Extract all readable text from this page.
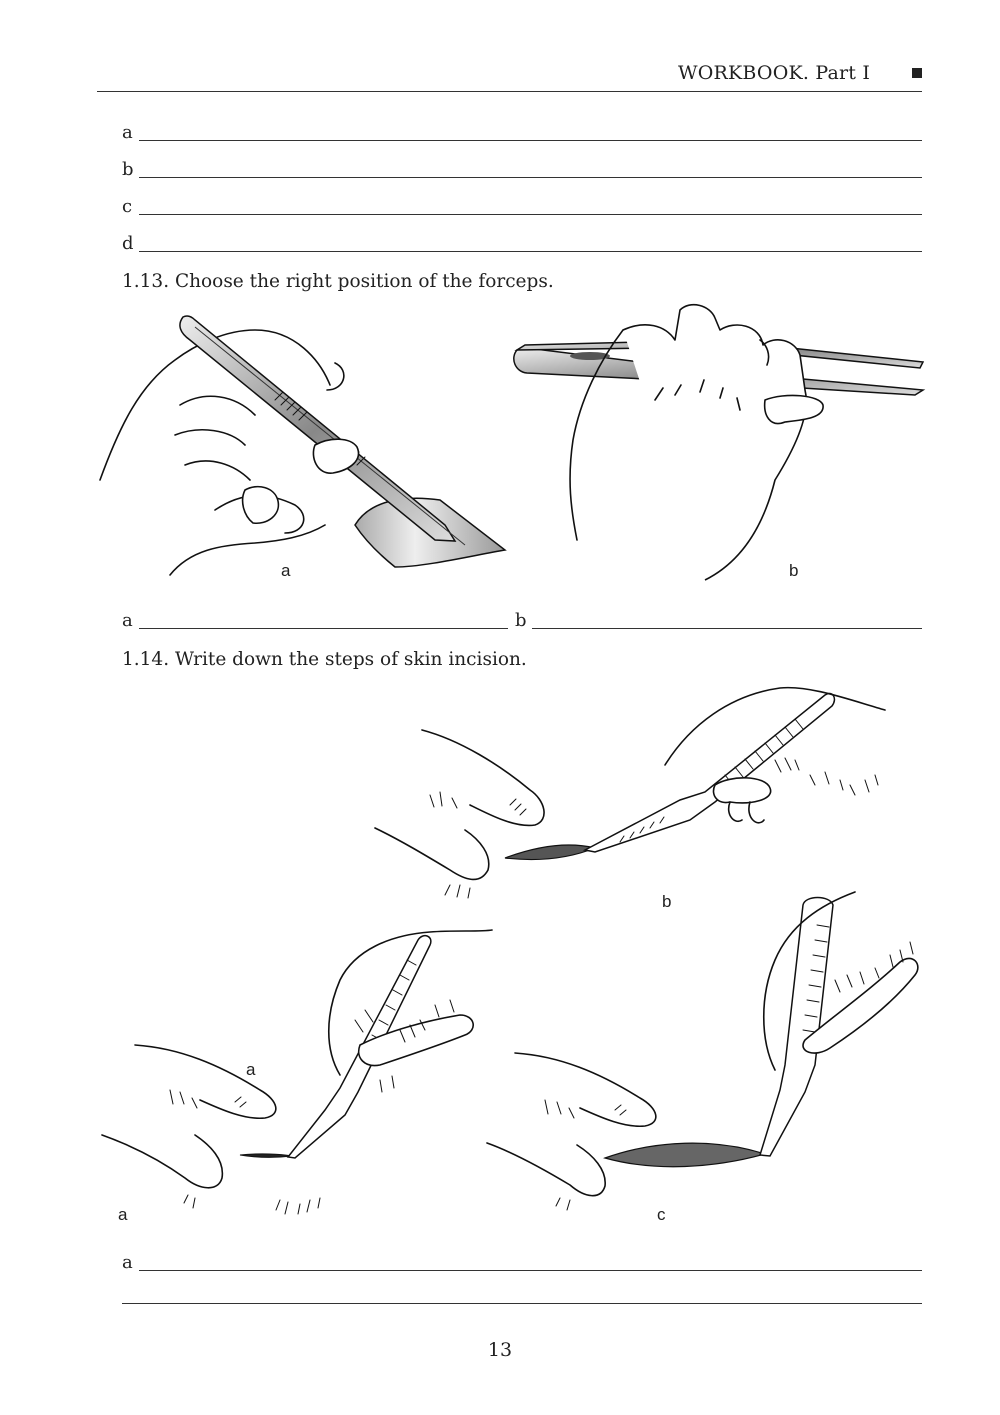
WORKBOOK. Part I
a
b
c
d
1.13. Choose the right position of the forceps.
a	b
a	b
1.14. Write down the steps of skin incision.
b
a
a	c
a
13
